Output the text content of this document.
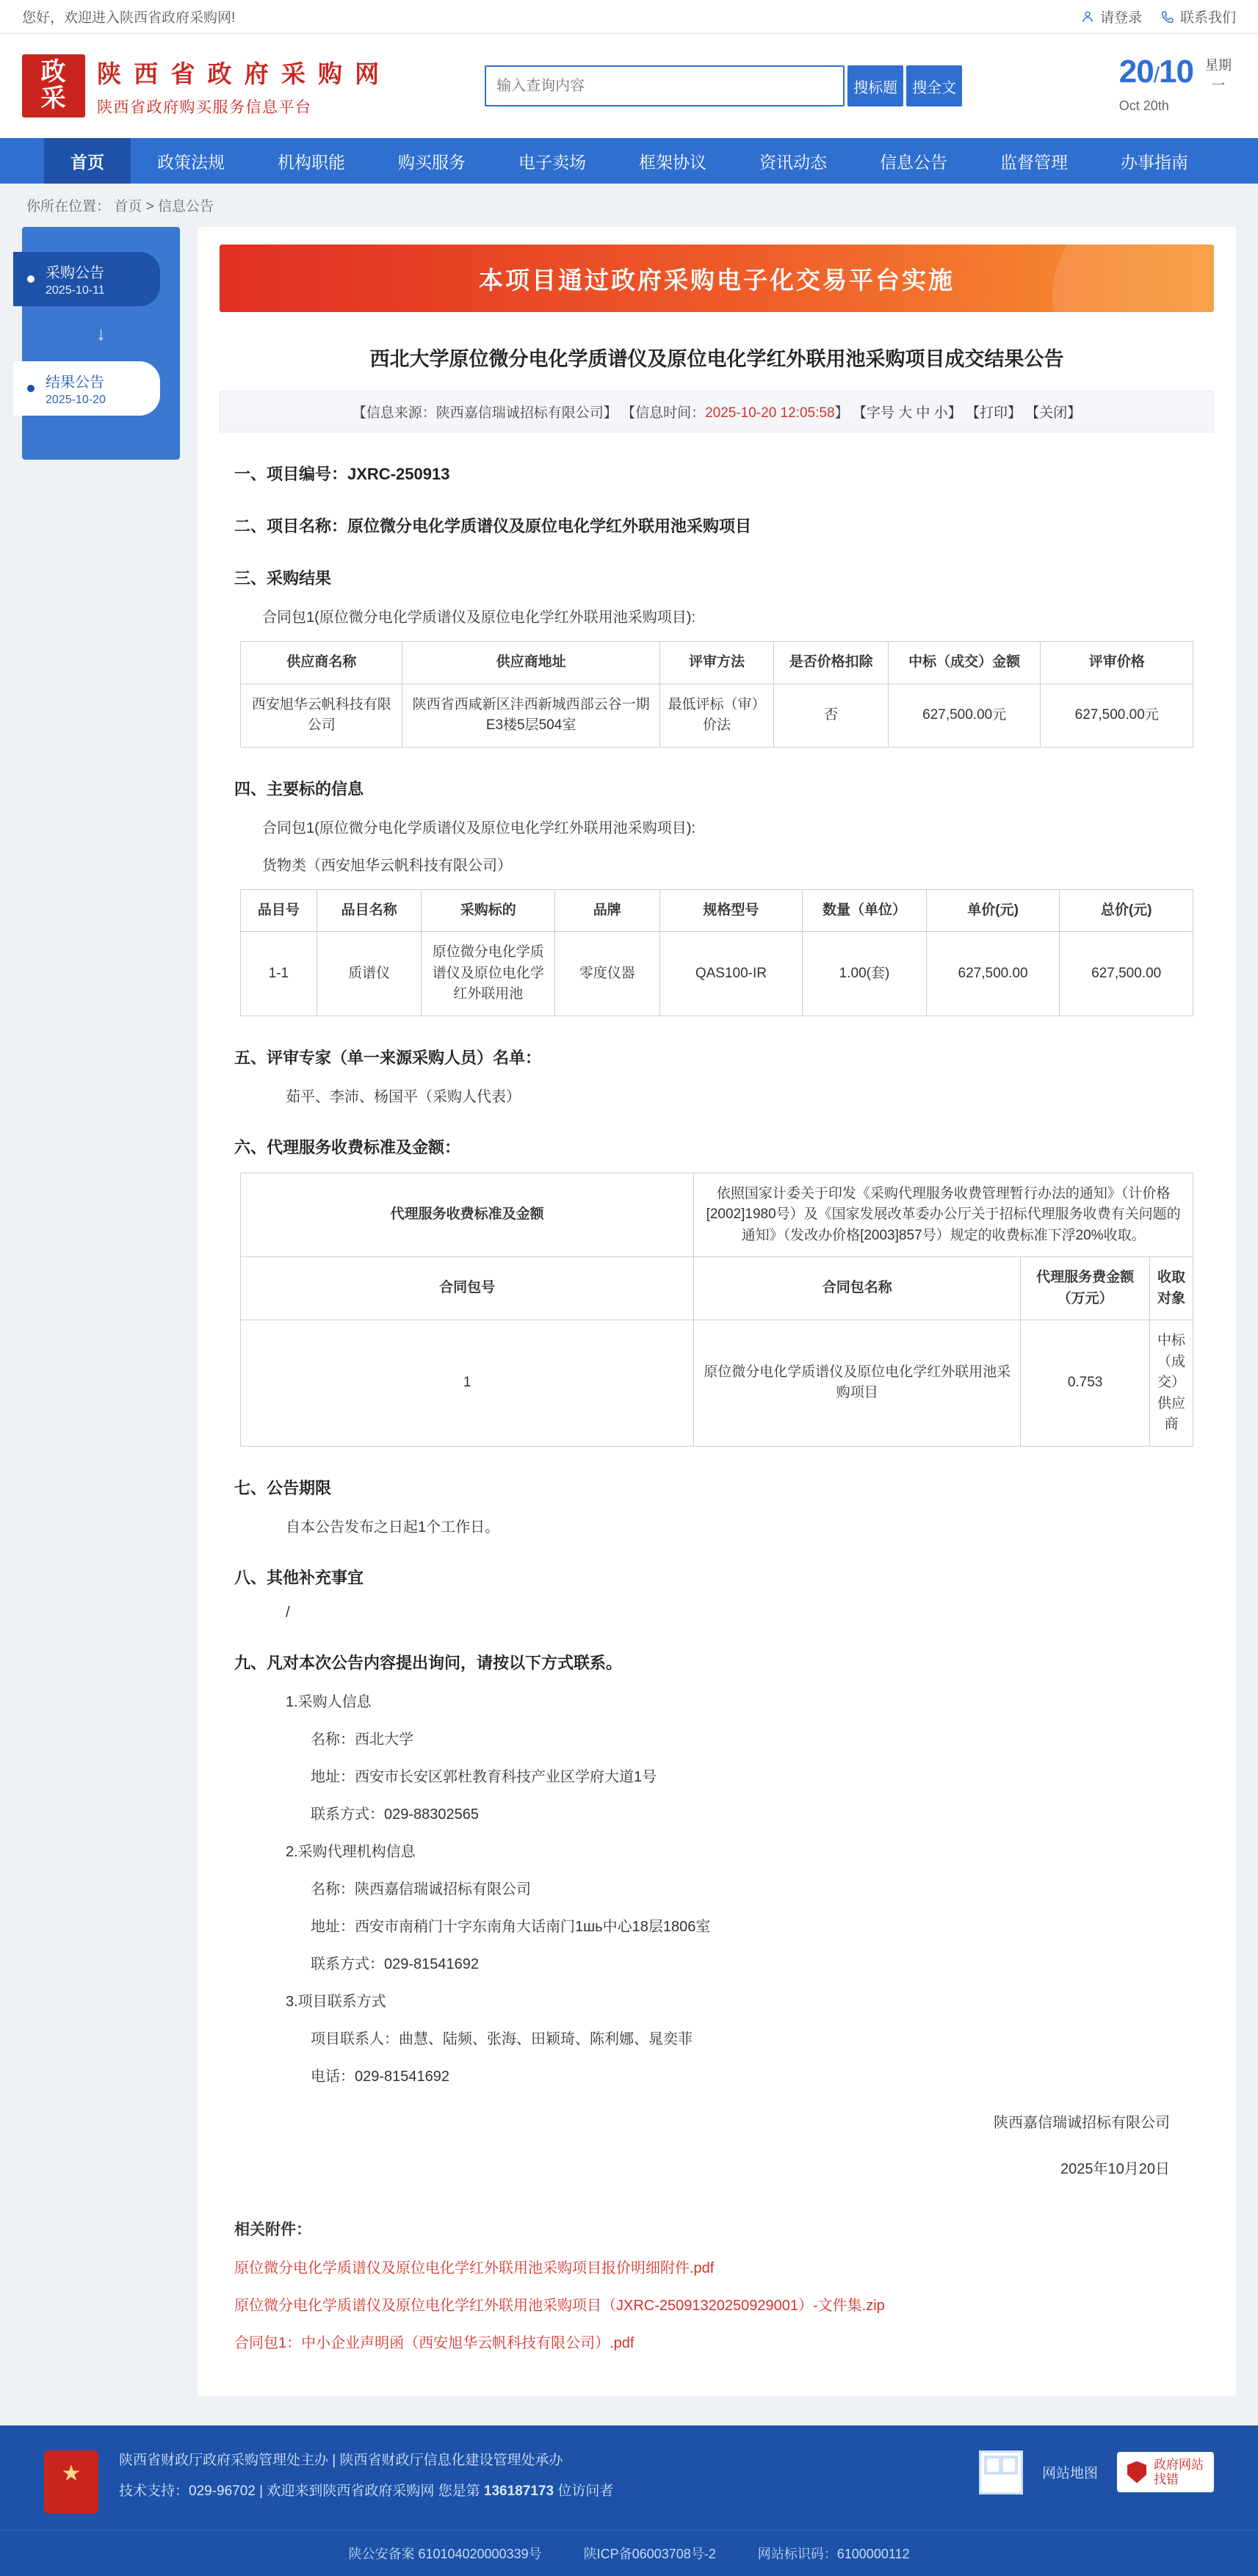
您好，欢迎进入陕西省政府采购网!	请登录	联系我们
政
采
陕 西 省 政 府 采 购 网
陕西省政府购买服务信息平台
输入查询内容
搜标题	搜全文	20/10
Oct 20th
星期
一
首页	政策法规	机构职能	购买服务	电子卖场	框架协议	资讯动态	信息公告	监督管理	办事指南
你所在位置： 首页 > 信息公告
采购公告
2025-10-11
↓
结果公告
2025-10-20
本项目通过政府采购电子化交易平台实施
西北大学原位微分电化学质谱仪及原位电化学红外联用池采购项目成交结果公告
【信息来源：陕西嘉信瑞诚招标有限公司】 【信息时间：2025-10-20 12:05:58】 【字号 大 中 小】 【打印】 【关闭】
一、项目编号：JXRC-250913
二、项目名称：原位微分电化学质谱仪及原位电化学红外联用池采购项目
三、采购结果
合同包1(原位微分电化学质谱仪及原位电化学红外联用池采购项目):
供应商名称	供应商地址	评审方法	是否价格扣除	中标（成交）金额	评审价格
西安旭华云帆科技有限公司	陕西省西咸新区沣西新城西部云谷一期E3楼5层504室	最低评标（审）价法	否	627,500.00元	627,500.00元
四、主要标的信息
合同包1(原位微分电化学质谱仪及原位电化学红外联用池采购项目):
货物类（西安旭华云帆科技有限公司）
品目号	品目名称	采购标的	品牌	规格型号	数量（单位）	单价(元)	总价(元)
1-1	质谱仪	原位微分电化学质谱仪及原位电化学红外联用池	零度仪器	QAS100-IR	1.00(套)	627,500.00	627,500.00
五、评审专家（单一来源采购人员）名单：
茹平、李沛、杨国平（采购人代表）
六、代理服务收费标准及金额：
代理服务收费标准及金额	依照国家计委关于印发《采购代理服务收费管理暂行办法的通知》（计价格[2002]1980号）及《国家发展改革委办公厅关于招标代理服务收费有关问题的通知》（发改办价格[2003]857号）规定的收费标准下浮20%收取。		
合同包号	合同包名称	代理服务费金额（万元）	收取对象
1	原位微分电化学质谱仪及原位电化学红外联用池采购项目	0.753	中标（成交）供应商
七、公告期限
自本公告发布之日起1个工作日。
八、其他补充事宜
/
九、凡对本次公告内容提出询问，请按以下方式联系。
1.采购人信息
名称：西北大学
地址：西安市长安区郭杜教育科技产业区学府大道1号
联系方式：029-88302565
2.采购代理机构信息
名称：陕西嘉信瑞诚招标有限公司
地址：西安市南稍门十字东南角大话南门1шь中心18层1806室
联系方式：029-81541692
3.项目联系方式
项目联系人：曲慧、陆频、张海、田颖琦、陈利娜、晁奕菲
电话：029-81541692
陕西嘉信瑞诚招标有限公司
2025年10月20日
相关附件：
原位微分电化学质谱仪及原位电化学红外联用池采购项目报价明细附件.pdf
原位微分电化学质谱仪及原位电化学红外联用池采购项目（JXRC-25091320250929001）-文件集.zip
合同包1：中小企业声明函（西安旭华云帆科技有限公司）.pdf
★
陕西省财政厅政府采购管理处主办 | 陕西省财政厅信息化建设管理处承办
技术支持：029-96702 | 欢迎来到陕西省政府采购网 您是第 136187173 位访问者
网站地图
政府网站
找错
陕公安备案 610104020000339号	陕ICP备06003708号-2	网站标识码：6100000112
